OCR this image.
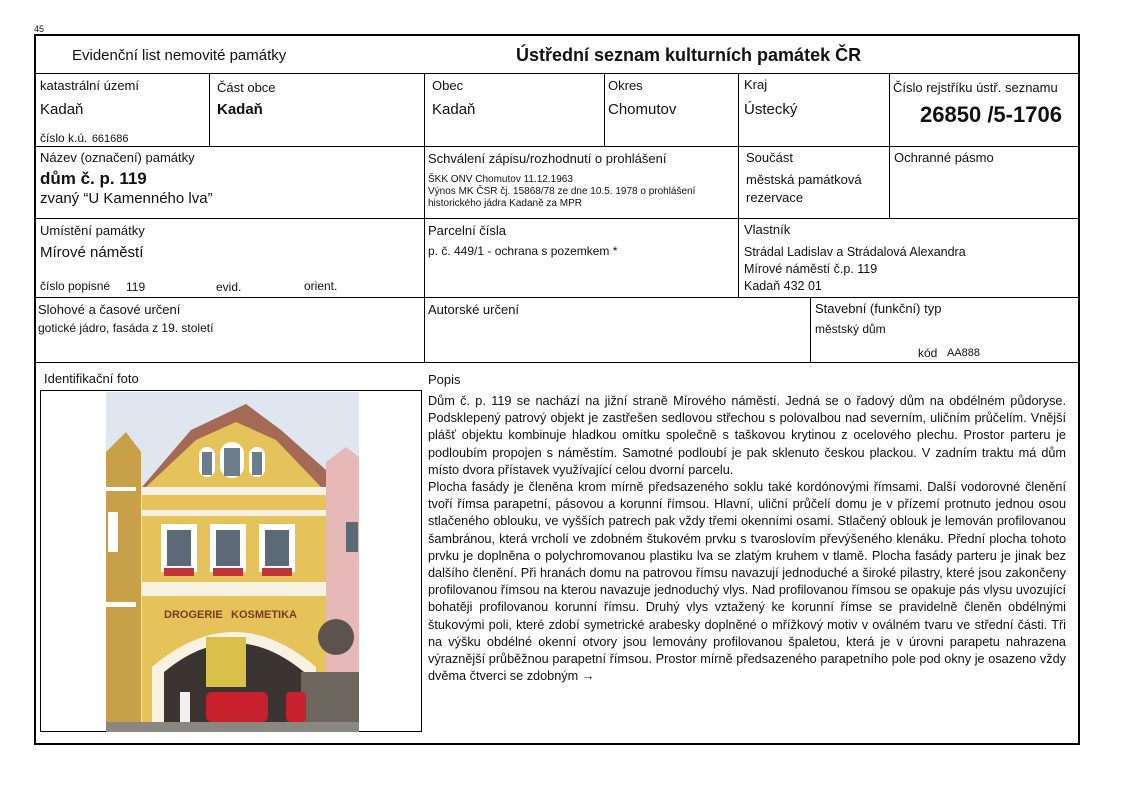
45
Evidenční list nemovité památky	Ústřední seznam kulturních památek ČR
katastrální území
Kadaň
číslo k.ú. 661686
Část obce
Kadaň
Obec
Kadaň
Okres
Chomutov
Kraj
Ústecký
Číslo rejstříku ústř. seznamu
26850 /5-1706
Název (označení) památky
dům č. p. 119
zvaný “U Kamenného lva”
Schválení zápisu/rozhodnutí o prohlášení
ŠKK ONV Chomutov 11.12.1963
Výnos MK ČSR čj. 15868/78 ze dne 10.5. 1978 o prohlášení historického jádra Kadaně za MPR
Součást
městská památková rezervace
Ochranné pásmo
Umístění památky
Mírové náměstí
číslo popisné 119	evid.	orient.
Parcelní čísla
p. č. 449/1 - ochrana s pozemkem *
Vlastník
Strádal Ladislav a Strádalová Alexandra
Mírové náměstí č.p. 119
Kadaň 432 01
Slohové a časové určení
gotické jádro, fasáda z 19. století
Autorské určení	Stavební (funkční) typ
městský dům
kód AA888
Identifikační foto	Popis
DROGERIE KOSMETIKA

Dům č. p. 119 se nachází na jižní straně Mírového náměstí. Jedná se o řadový dům na obdélném půdoryse. Podsklepený patrový objekt je zastřešen sedlovou střechou s polovalbou nad severním, uličním průčelím. Vnější plášť objektu kombinuje hladkou omítku společně s taškovou krytinou z ocelového plechu. Prostor parteru je podloubím propojen s náměstím. Samotné podloubí je pak sklenuto českou plackou. V zadním traktu má dům místo dvora přístavek využívající celou dvorní parcelu.

Plocha fasády je členěna krom mírně předsazeného soklu také kordónovými římsami. Další vodorovné členění tvoří římsa parapetní, pásovou a korunní římsou. Hlavní, uliční průčelí domu je v přízemí protnuto jednou osou stlačeného oblouku, ve vyšších patrech pak vždy třemi okenními osami. Stlačený oblouk je lemován profilovanou šambránou, která vrcholí ve zdobném štukovém prvku s tvaroslovím převýšeného klenáku. Přední plocha tohoto prvku je doplněna o polychromovanou plastiku lva se zlatým kruhem v tlamě. Plocha fasády parteru je jinak bez dalšího členění. Při hranách domu na patrovou římsu navazují jednoduché a široké pilastry, které jsou zakončeny profilovanou římsou na kterou navazuje jednoduchý vlys. Nad profilovanou římsou se opakuje pás vlysu uvozující bohatěji profilovanou korunní římsu. Druhý vlys vztažený ke korunní římse se pravidelně členěn obdélnými štukovými poli, které zdobí symetrické arabesky doplněné o mřížkový motiv v oválném tvaru ve střední části. Tři na výšku obdélné okenní otvory jsou lemovány profilovanou špaletou, která je v úrovni parapetu nahrazena výraznější průběžnou parapetní římsou. Prostor mírně předsazeného parapetního pole pod okny je osazeno vždy dvěma čtverci se zdobným →
